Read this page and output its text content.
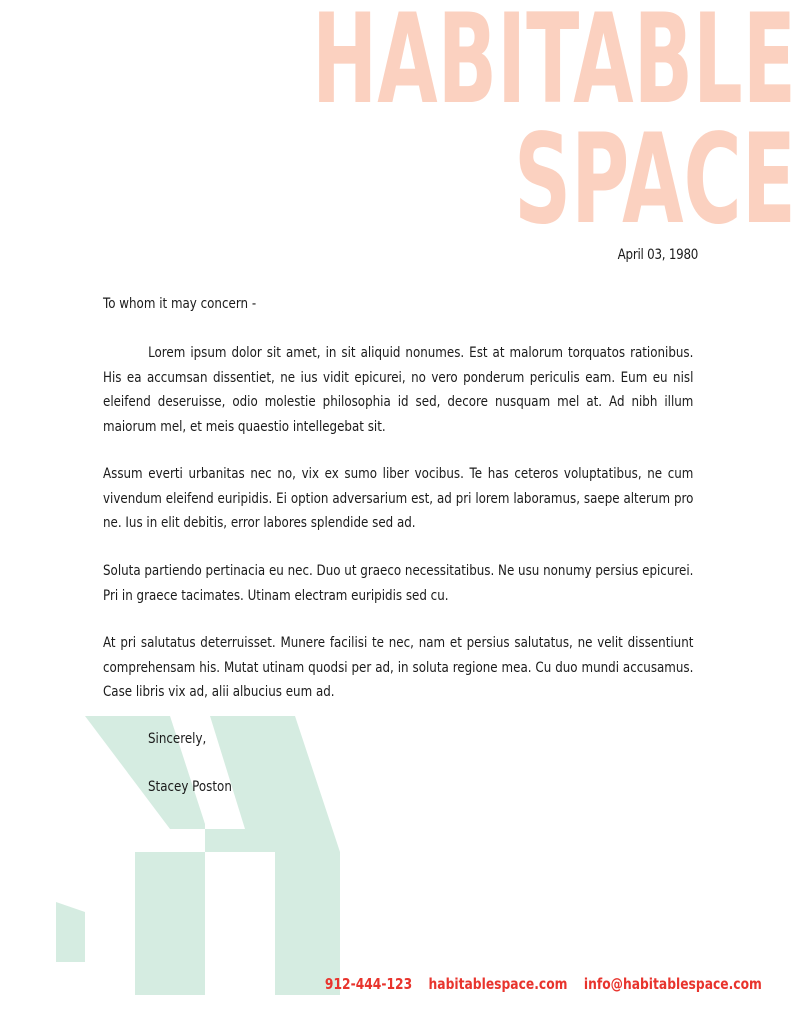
HABITABLE
SPACE
April 03, 1980
To whom it may concern -

Lorem ipsum dolor sit amet, in sit aliquid nonumes. Est at malorum torquatos rationibus. His ea accumsan dissentiet, ne ius vidit epicurei, no vero ponderum periculis eam. Eum eu nisl eleifend deseruisse, odio molestie philosophia id sed, decore nusquam mel at. Ad nibh illum maiorum mel, et meis quaestio intellegebat sit.

Assum everti urbanitas nec no, vix ex sumo liber vocibus. Te has ceteros voluptatibus, ne cum vivendum eleifend euripidis. Ei option adversarium est, ad pri lorem laboramus, saepe alterum pro ne. Ius in elit debitis, error labores splendide sed ad.

Soluta partiendo pertinacia eu nec. Duo ut graeco necessitatibus. Ne usu nonumy persius epicurei. Pri in graece tacimates. Utinam electram euripidis sed cu.

At pri salutatus deterruisset. Munere facilisi te nec, nam et persius salutatus, ne velit dissentiunt comprehensam his. Mutat utinam quodsi per ad, in soluta regione mea. Cu duo mundi accusamus. Case libris vix ad, alii albucius eum ad.

Sincerely,
Stacey Poston
912-444-123 habitablespace.com info@habitablespace.com
